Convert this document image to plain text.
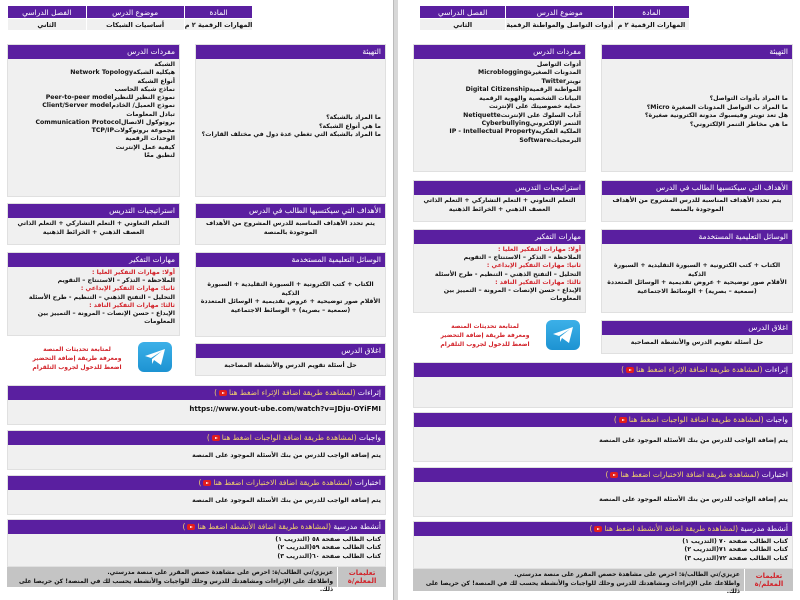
المادة	موضوع الدرس	الفصل الدراسي
المهارات الرقمية ٢ م	أساسيات الشبكات	الثاني
التهيئة
ما المراد بالشبكة؟
ما هي أنواع الشبكة؟
ما المراد بالشبكة التي تغطي عدة دول في مختلف القارات؟
مفردات الدرس
الشبكة
هيكلية الشبكةNetwork Topology
أنواع الشبكة
نماذج شبكة الحاسب
نموذج النظير للنظيرPeer-to-peer model
نموذج العميل/ الخادمClient/Server model
تبادل المعلومات
بروتوكول الاتصالCommunication Protocol
مجموعة بروتوكولاتTCP/IP
الوحدات الرقمية
كيفية عمل الإنترنت
لنطبق معًا
الأهداف التي سيكتسبها الطالب في الدرس
يتم تحدد الأهداف المناسبة للدرس المشروح من الأهداف الموجودة بالمنصة
استراتيجيات التدريس
التعلم التعاوني + التعلم التشاركي + التعلم الذاتي
العصف الذهني + الخرائط الذهنية
الوسائل التعليمية المستخدمة
الكتاب + كتب الكترونية + السبورة التقليدية + السبورة الذكية
الأقلام صور توضيحية + عروض تقديمية + الوسائل المتعددة
(سمعية – بصرية) + الوسائط الاجتماعية
مهارات التفكير
أولا: مهارات التفكير العليا :
الملاحظة – التذكر – الاستنتاج – التقويم
ثانيا: مهارات التفكير الإبداعي :
التحليل – التفتح الذهني – التنظيم - طرح الأسئلة
ثالثا: مهارات التفكير الناقد :
الإبداع - حسن الإنصات - المرونة – التمييز بين المعلومات
اغلاق الدرس
حل أسئلة تقويم الدرس والأنشطة المصاحبة
لمتابعة تحديثات المنصة
ومعرفة طريقة إضافة التحضير
اضغط للدخول لجروب التلقرام
إثراءات (لمشاهدة طريقة اضافة الإثراء اضغط هنا)
https://www.yout-ube.com/watch?v=JDju-OYiFMI
واجبات (لمشاهدة طريقة اضافة الواجبات اضغط هنا)
يتم إضافة الواجب للدرس من بنك الأسئلة الموجود على المنصة
اختبارات (لمشاهدة طريقة اضافة الاختبارات اضغط هنا)
يتم إضافة الواجب للدرس من بنك الأسئلة الموجود على المنصة
أنشطة مدرسية (لمشاهدة طريقة اضافة الأنشطة اضغط هنا)
كتاب الطالب صفحة ٥٨ (التدريب ١)
كتاب الطالب صفحة ٥٩(التدريب ٢)
كتاب الطالب صفحة ٦٠(التدريب ٣)
تعليمات المعلم/ة
عزيزي/تي الطالب/ة: احرص على مشاهدة حصص المقرر على منصة مدرستي.
واطلاعك على الإثراءات ومشاهدتك للدرس وحلك للواجبات والأنشطة يحسب لك في المنصة! كن حريصا على ذلك.
المادة	موضوع الدرس	الفصل الدراسي
المهارات الرقمية ٢ م	أدوات التواصل والمواطنة الرقمية	الثاني
التهيئة
ما المراد بأدوات التواصل؟
ما المراد ب التواصل المدونات الصغيرة Micro؟
هل تعد تويتر وفيسبوك مدونة الكترونية صغيرة؟
ما هي مخاطر التنمر الإلكتروني؟
مفردات الدرس
أدوات التواصل
المدونات الصغيرةMicroblogging
تويترTwitter
المواطنة الرقميةDigital Citizenship
البيانات الشخصية والهوية الرقمية
حماية خصوصيتك على الإنترنت
آداب السلوك على الإنترنتNetiquette
التنمر الإلكترونيCyberbullying
الملكية الفكريةIP - Intellectual Property
البرمجياتSoftware
الأهداف التي سيكتسبها الطالب في الدرس
يتم تحدد الأهداف المناسبة للدرس المشروح من الأهداف الموجودة بالمنصة
استراتيجيات التدريس
التعلم التعاوني + التعلم التشاركي + التعلم الذاتي
العصف الذهني + الخرائط الذهنية
الوسائل التعليمية المستخدمة
الكتاب + كتب الكترونية + السبورة التقليدية + السبورة الذكية
الأقلام صور توضيحية + عروض تقديمية + الوسائل المتعددة
(سمعية – بصرية) + الوسائط الاجتماعية
مهارات التفكير
أولا: مهارات التفكير العليا :
الملاحظة – التذكر – الاستنتاج – التقويم
ثانيا: مهارات التفكير الإبداعي :
التحليل – التفتح الذهني – التنظيم - طرح الأسئلة
ثالثا: مهارات التفكير الناقد :
الإبداع - حسن الإنصات - المرونة – التمييز بين المعلومات
اغلاق الدرس
حل أسئلة تقويم الدرس والأنشطة المصاحبة
لمتابعة تحديثات المنصة
ومعرفة طريقة إضافة التحضير
اضغط للدخول لجروب التلقرام
إثراءات (لمشاهدة طريقة اضافة الإثراء اضغط هنا)
واجبات (لمشاهدة طريقة اضافة الواجبات اضغط هنا)
يتم إضافة الواجب للدرس من بنك الأسئلة الموجود على المنصة
اختبارات (لمشاهدة طريقة اضافة الاختبارات اضغط هنا)
يتم إضافة الواجب للدرس من بنك الأسئلة الموجود على المنصة
أنشطة مدرسية (لمشاهدة طريقة اضافة الأنشطة اضغط هنا)
كتاب الطالب صفحة ٧٠ (التدريب ١)
كتاب الطالب صفحة ٧١(التدريب ٢)
كتاب الطالب صفحة ٧٢(التدريب ٣)
تعليمات المعلم/ة
عزيزي/تي الطالب/ة: احرص على مشاهدة حصص المقرر على منصة مدرستي.
واطلاعك على الإثراءات ومشاهدتك للدرس وحلك للواجبات والأنشطة يحسب لك في المنصة! كن حريصا على ذلك.
